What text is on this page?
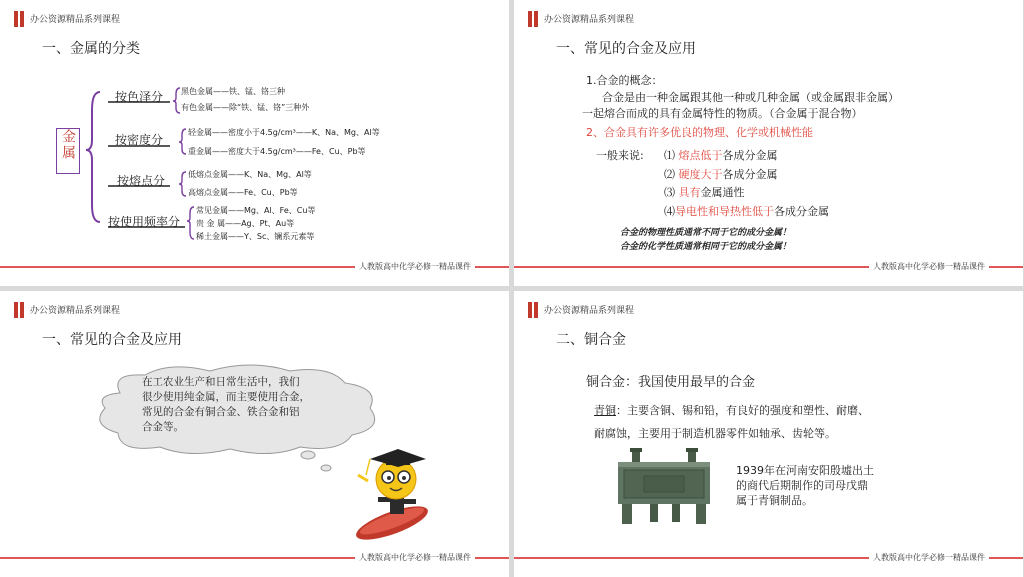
办公资源精品系列课程
一、金属的分类
金属
按色泽分 黑色金属——铁、锰、铬三种
有色金属——除“铁、锰、铬”三种外
按密度分
轻金属——密度小于4.5g/cm³——K、Na、Mg、Al等
重金属——密度大于4.5g/cm³——Fe、Cu、Pb等
按熔点分	低熔点金属——K、Na、Mg、Al等
高熔点金属——Fe、Cu、Pb等
按使用频率分
常见金属——Mg、Al、Fe、Cu等
贵 金 属——Ag、Pt、Au等
稀土金属——Y、Sc、镧系元素等
人教版高中化学必修一精品课件
办公资源精品系列课程
一、常见的合金及应用
1.合金的概念：
合金是由一种金属跟其他一种或几种金属（或金属跟非金属）
一起熔合而成的具有金属特性的物质。（合金属于混合物）
2、合金具有许多优良的物理、化学或机械性能
一般来说: ⑴ 熔点低于各成分金属
⑵ 硬度大于各成分金属
⑶ 具有金属通性
⑷导电性和导热性低于各成分金属
合金的物理性质通常不同于它的成分金属！
合金的化学性质通常相同于它的成分金属！
人教版高中化学必修一精品课件
办公资源精品系列课程
一、常见的合金及应用
在工农业生产和日常生活中，我们
很少使用纯金属，而主要使用合金，
常见的合金有铜合金、铁合金和铝
合金等。
人教版高中化学必修一精品课件
办公资源精品系列课程
二、铜合金
铜合金：我国使用最早的合金
青铜：主要含铜、锡和铅，有良好的强度和塑性、耐磨、
耐腐蚀，主要用于制造机器零件如轴承、齿轮等。
1939年在河南安阳殷墟出土
的商代后期制作的司母戊鼎
属于青铜制品。
人教版高中化学必修一精品课件
